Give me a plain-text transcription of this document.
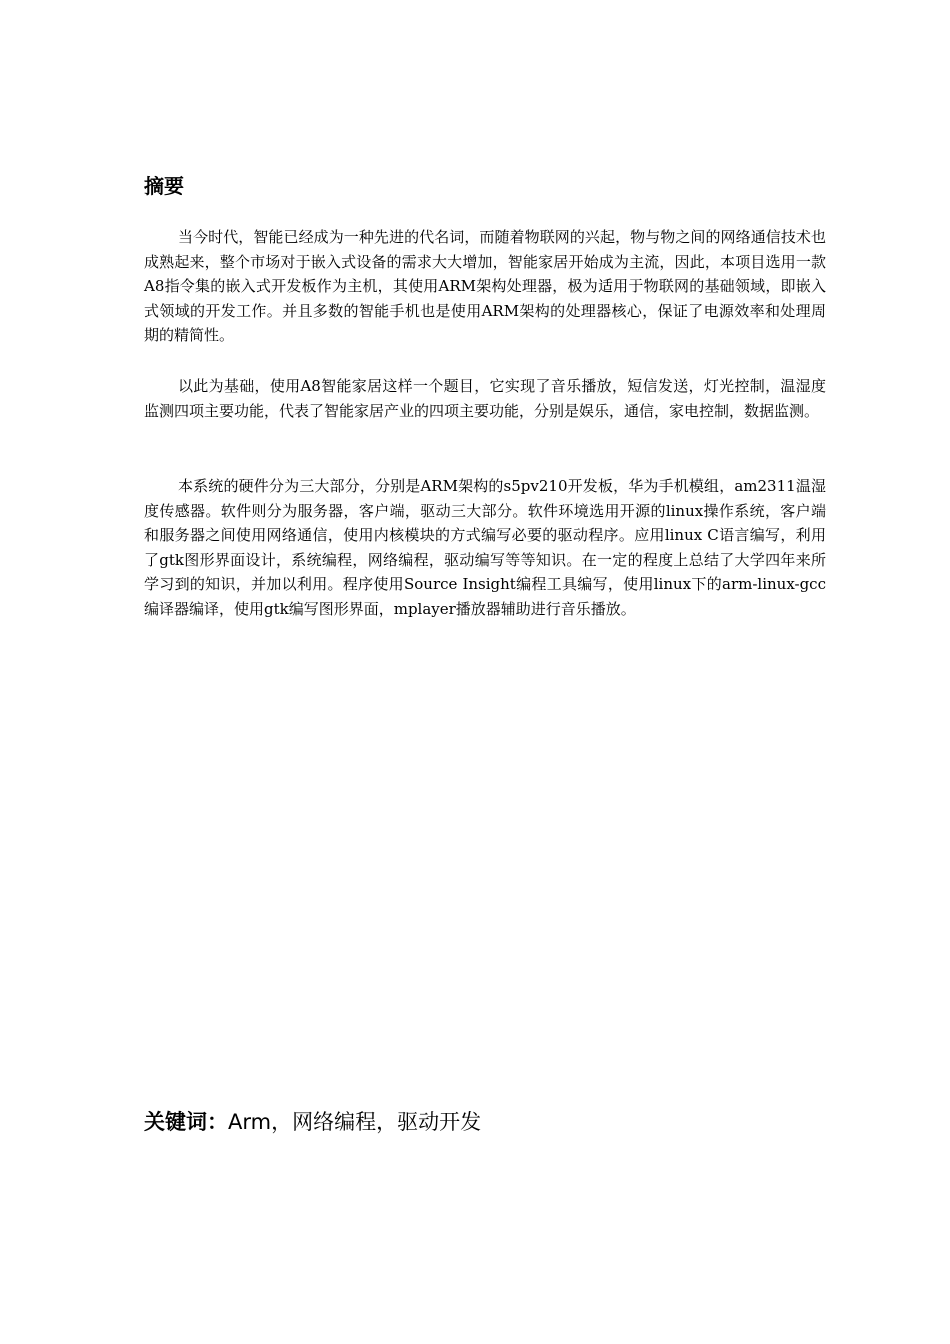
摘要

当今时代，智能已经成为一种先进的代名词，而随着物联网的兴起，物与物之间的网络通信技术也成熟起来，整个市场对于嵌入式设备的需求大大增加，智能家居开始成为主流，因此，本项目选用一款A8指令集的嵌入式开发板作为主机，其使用ARM架构处理器，极为适用于物联网的基础领域，即嵌入式领域的开发工作。并且多数的智能手机也是使用ARM架构的处理器核心，保证了电源效率和处理周期的精简性。

以此为基础，使用A8智能家居这样一个题目，它实现了音乐播放，短信发送，灯光控制，温湿度监测四项主要功能，代表了智能家居产业的四项主要功能，分别是娱乐，通信，家电控制，数据监测。

本系统的硬件分为三大部分，分别是ARM架构的s5pv210开发板，华为手机模组，am2311温湿度传感器。软件则分为服务器，客户端，驱动三大部分。软件环境选用开源的linux操作系统，客户端和服务器之间使用网络通信，使用内核模块的方式编写必要的驱动程序。应用linux C语言编写，利用了gtk图形界面设计，系统编程，网络编程，驱动编写等等知识。在一定的程度上总结了大学四年来所学习到的知识，并加以利用。程序使用Source Insight编程工具编写，使用linux下的arm-linux-gcc编译器编译，使用gtk编写图形界面，mplayer播放器辅助进行音乐播放。

关键词：Arm，网络编程，驱动开发
